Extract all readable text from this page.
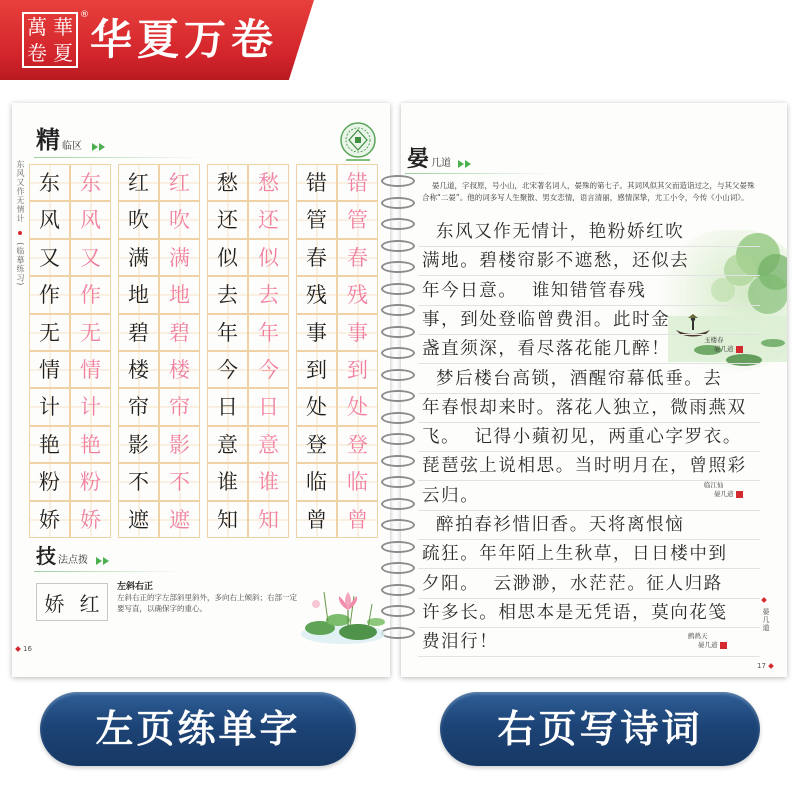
萬 華
卷 夏
® 华夏万卷
精 临区
东风又作无情计  (临摹练习)
东 东	红 红	愁 愁	错 错
风 风	吹 吹	还 还	管 管
又 又	满 满	似 似	春 春
作 作	地 地	去 去	残 残
无 无	碧 碧	年 年	事 事
情 情	楼 楼	今 今	到 到
计 计	帘 帘	日 日	处 处
艳 艳	影 影	意 意	登 登
粉 粉	不 不	谁 谁	临 临
娇 娇	遮 遮	知 知	曾 曾
技 法点拨
娇 红
左斜右正
左斜右正的字左部斜里斜外，多向右上倾斜；右部一定要写直，以确保字的重心。
16
晏 几道
晏几道，字叔原，号小山，北宋著名词人，晏殊的第七子。其词风似其父而造诣过之，与其父晏殊合称“二晏”。他的词多写人生聚散、男女恋情，语言清丽，感情深挚，尤工小令，今传《小山词》。
东风又作无情计，艳粉娇红吹
满地。碧楼帘影不遮愁，还似去
年今日意。  谁知错管春残
事，到处登临曾费泪。此时金
盏直须深，看尽落花能几醉！
梦后楼台高锁，酒醒帘幕低垂。去
年春恨却来时。落花人独立，微雨燕双
飞。  记得小蘋初见，两重心字罗衣。
琵琶弦上说相思。当时明月在，曾照彩
云归。
醉拍春衫惜旧香。天将离恨恼
疏狂。年年陌上生秋草，日日楼中到
夕阳。  云渺渺，水茫茫。征人归路
许多长。相思本是无凭语，莫向花笺
费泪行！
玉楼春
晏几道
临江仙
晏几道
鹧鸪天
晏几道
晏几道
17
左页练单字	右页写诗词
